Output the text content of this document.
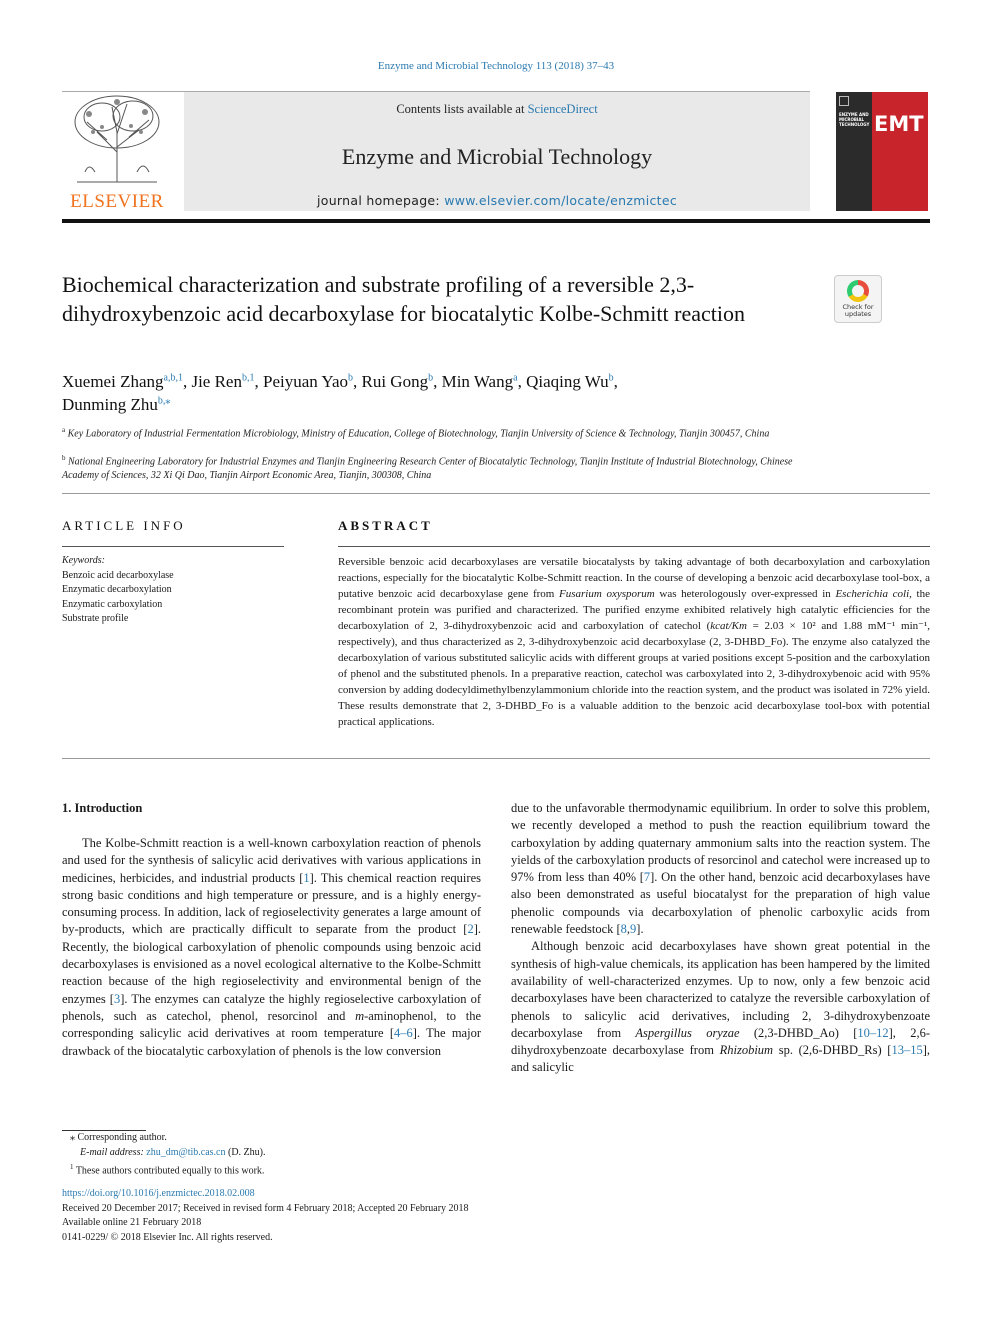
Enzyme and Microbial Technology 113 (2018) 37–43
ELSEVIER
Contents lists available at ScienceDirect
Enzyme and Microbial Technology
journal homepage: www.elsevier.com/locate/enzmictec
ENZYME AND MICROBIAL TECHNOLOGY EMT
Biochemical characterization and substrate profiling of a reversible 2,3-dihydroxybenzoic acid decarboxylase for biocatalytic Kolbe-Schmitt reaction	Check for
updates
Xuemei Zhang$^{a,b,1}$, Jie Ren$^{b,1}$, Peiyuan Yao$^b$, Rui Gong$^b$, Min Wang$^a$, Qiaqing Wu$^b$,
Dunming Zhu$^{b,⁎}$
$^a$ Key Laboratory of Industrial Fermentation Microbiology, Ministry of Education, College of Biotechnology, Tianjin University of Science & Technology, Tianjin 300457, China
$^b$ National Engineering Laboratory for Industrial Enzymes and Tianjin Engineering Research Center of Biocatalytic Technology, Tianjin Institute of Industrial Biotechnology, Chinese Academy of Sciences, 32 Xi Qi Dao, Tianjin Airport Economic Area, Tianjin, 300308, China
ARTICLE INFO
Keywords:
Benzoic acid decarboxylase
Enzymatic decarboxylation
Enzymatic carboxylation
Substrate profile
ABSTRACT

Reversible benzoic acid decarboxylases are versatile biocatalysts by taking advantage of both decarboxylation and carboxylation reactions, especially for the biocatalytic Kolbe-Schmitt reaction. In the course of developing a benzoic acid decarboxylase tool-box, a putative benzoic acid decarboxylase gene from Fusarium oxysporum was heterologously over-expressed in Escherichia coli, the recombinant protein was purified and characterized. The purified enzyme exhibited relatively high catalytic efficiencies for the decarboxylation of 2, 3-dihydroxybenzoic acid and carboxylation of catechol (kcat/Km = 2.03 × 10² and 1.88 mM⁻¹ min⁻¹, respectively), and thus characterized as 2, 3-dihydroxybenzoic acid decarboxylase (2, 3-DHBD_Fo). The enzyme also catalyzed the decarboxylation of various substituted salicylic acids with different groups at varied positions except 5-position and the carboxylation of phenol and the substituted phenols. In a preparative reaction, catechol was carboxylated into 2, 3-dihydroxybenoic acid with 95% conversion by adding dodecyldimethylbenzylammonium chloride into the reaction system, and the product was isolated in 72% yield. These results demonstrate that 2, 3-DHBD_Fo is a valuable addition to the benzoic acid decarboxylase tool-box with potential practical applications.

1. Introduction

The Kolbe-Schmitt reaction is a well-known carboxylation reaction of phenols and used for the synthesis of salicylic acid derivatives with various applications in medicines, herbicides, and industrial products [1]. This chemical reaction requires strong basic conditions and high temperature or pressure, and is a highly energy-consuming process. In addition, lack of regioselectivity generates a large amount of by-products, which are practically difficult to separate from the product [2]. Recently, the biological carboxylation of phenolic compounds using benzoic acid decarboxylases is envisioned as a novel ecological alternative to the Kolbe-Schmitt reaction because of the high regioselectivity and environmental benign of the enzymes [3]. The enzymes can catalyze the highly regioselective carboxylation of phenols, such as catechol, phenol, resorcinol and m-aminophenol, to the corresponding salicylic acid derivatives at room temperature [4–6]. The major drawback of the biocatalytic carboxylation of phenols is the low conversion

due to the unfavorable thermodynamic equilibrium. In order to solve this problem, we recently developed a method to push the reaction equilibrium toward the carboxylation by adding quaternary ammonium salts into the reaction system. The yields of the carboxylation products of resorcinol and catechol were increased up to 97% from less than 40% [7]. On the other hand, benzoic acid decarboxylases have also been demonstrated as useful biocatalyst for the preparation of high value phenolic compounds via decarboxylation of phenolic carboxylic acids from renewable feedstock [8,9].

Although benzoic acid decarboxylases have shown great potential in the synthesis of high-value chemicals, its application has been hampered by the limited availability of well-characterized enzymes. Up to now, only a few benzoic acid decarboxylases have been characterized to catalyze the reversible carboxylation of phenols to salicylic acid derivatives, including 2, 3-dihydroxybenzoate decarboxylase from Aspergillus oryzae (2,3-DHBD_Ao) [10–12], 2,6-dihydroxybenzoate decarboxylase from Rhizobium sp. (2,6-DHBD_Rs) [13–15], and salicylic

⁎ Corresponding author.
E-mail address: zhu_dm@tib.cas.cn (D. Zhu).
$^1$ These authors contributed equally to this work.
https://doi.org/10.1016/j.enzmictec.2018.02.008
Received 20 December 2017; Received in revised form 4 February 2018; Accepted 20 February 2018
Available online 21 February 2018
0141-0229/ © 2018 Elsevier Inc. All rights reserved.
